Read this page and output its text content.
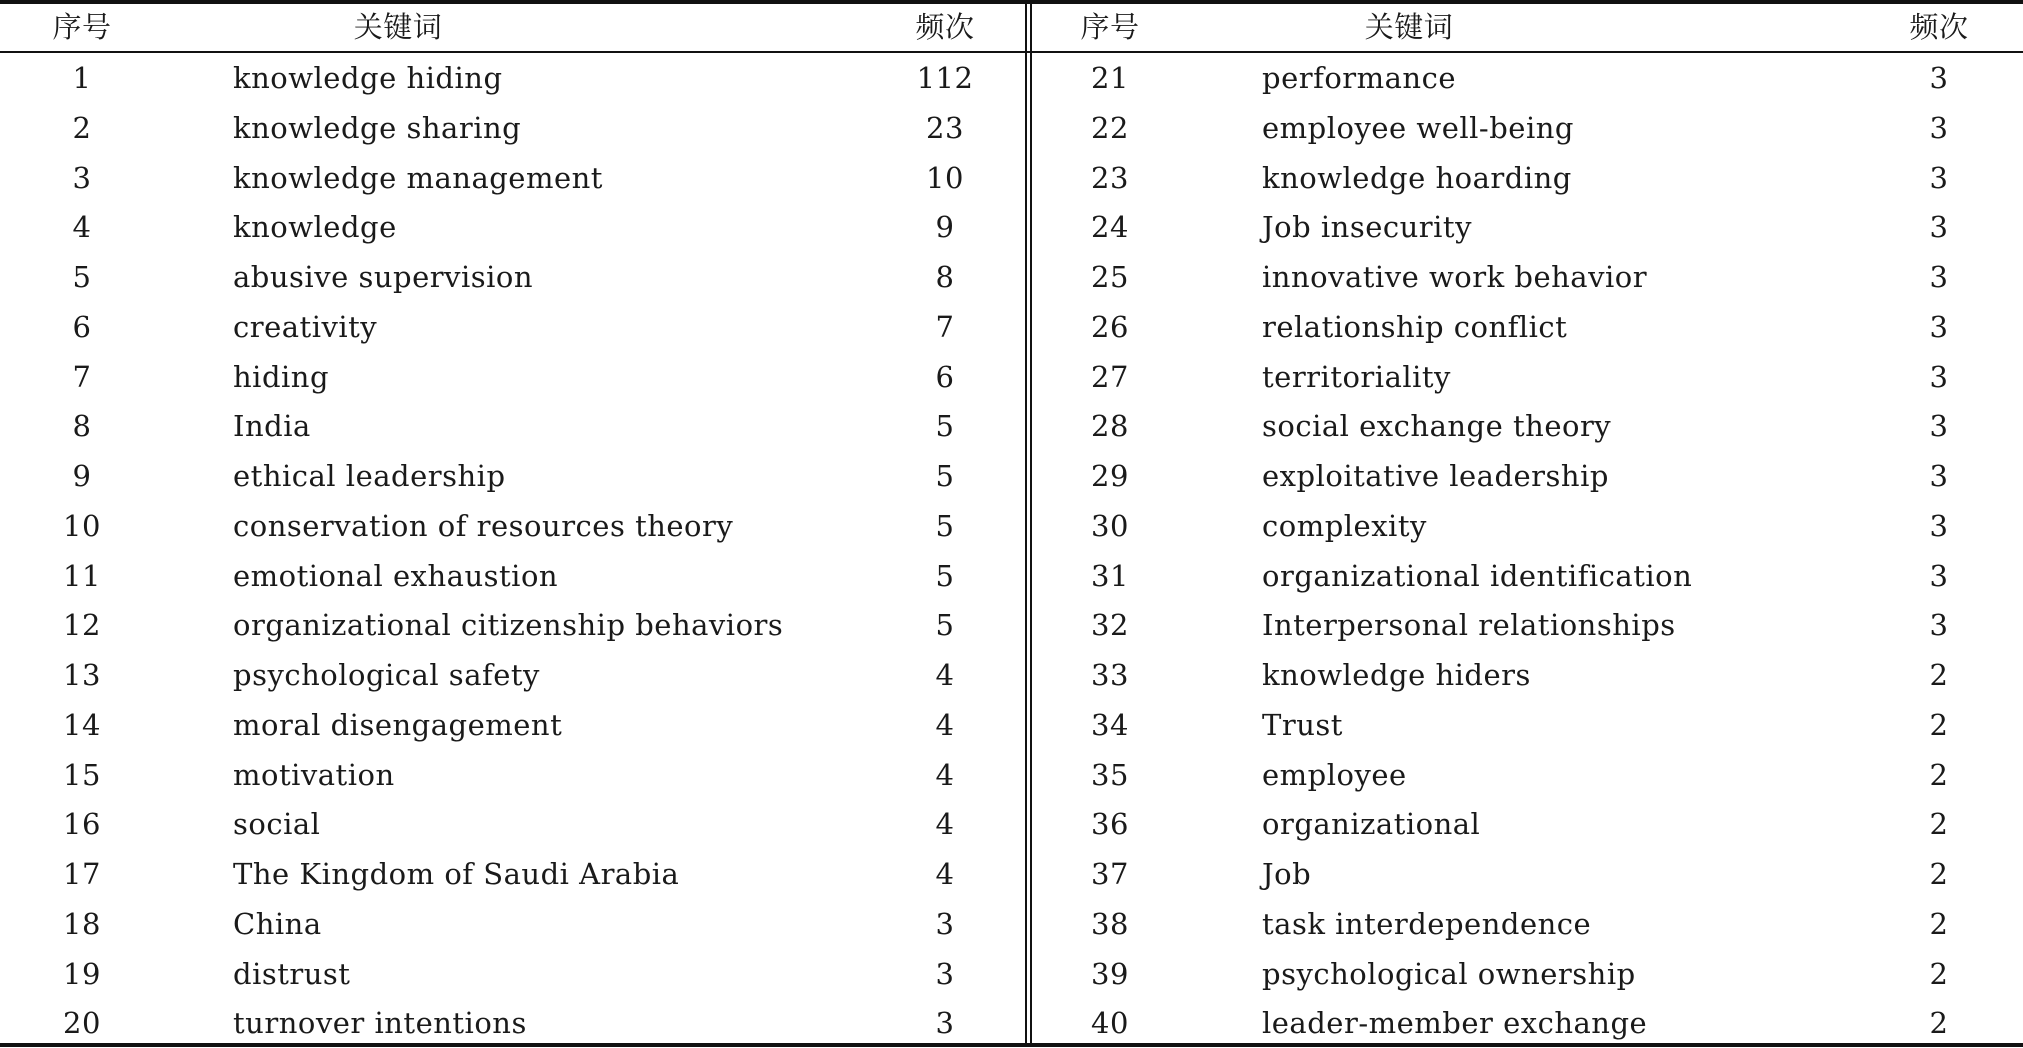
序号	关键词	频次
1	knowledge hiding	112
2	knowledge sharing	23
3	knowledge management	10
4	knowledge	9
5	abusive supervision	8
6	creativity	7
7	hiding	6
8	India	5
9	ethical leadership	5
10	conservation of resources theory	5
11	emotional exhaustion	5
12	organizational citizenship behaviors	5
13	psychological safety	4
14	moral disengagement	4
15	motivation	4
16	social	4
17	The Kingdom of Saudi Arabia	4
18	China	3
19	distrust	3
20	turnover intentions	3
序号	关键词	频次
21	performance	3
22	employee well-being	3
23	knowledge hoarding	3
24	Job insecurity	3
25	innovative work behavior	3
26	relationship conflict	3
27	territoriality	3
28	social exchange theory	3
29	exploitative leadership	3
30	complexity	3
31	organizational identification	3
32	Interpersonal relationships	3
33	knowledge hiders	2
34	Trust	2
35	employee	2
36	organizational	2
37	Job	2
38	task interdependence	2
39	psychological ownership	2
40	leader-member exchange	2
